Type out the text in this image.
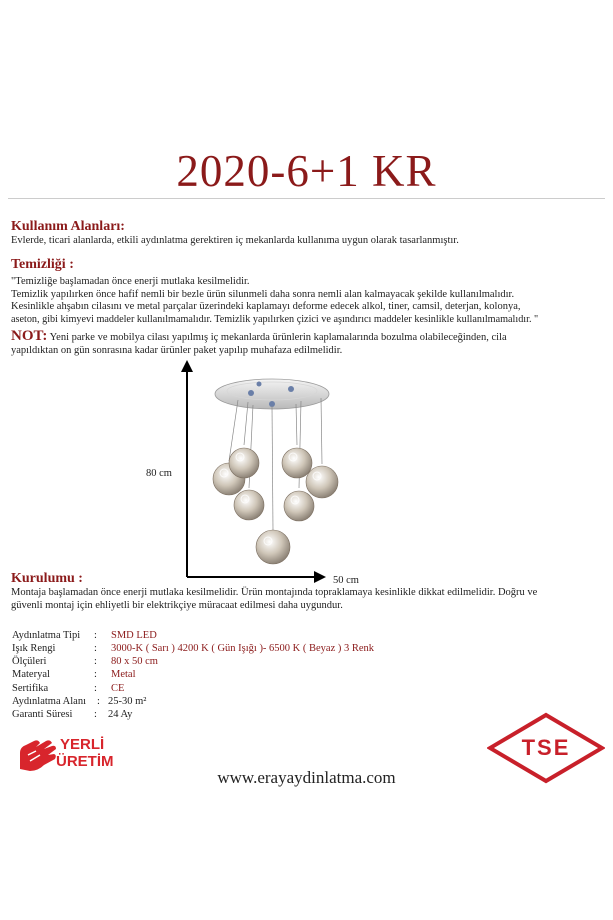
2020-6+1 KR
Kullanım Alanları:
Evlerde, ticari alanlarda, etkili aydınlatma gerektiren iç mekanlarda kullanıma uygun olarak tasarlanmıştır.
Temizliği :
"Temizliğe başlamadan önce enerji mutlaka kesilmelidir.
Temizlik yapılırken önce hafif nemli bir bezle ürün silunmeli daha sonra nemli alan kalmayacak şekilde kullanılmalıdır.
Kesinlikle ahşabın cilasını ve metal parçalar üzerindeki kaplamayı deforme edecek alkol, tiner, camsil, deterjan, kolonya,
aseton, gibi kimyevi maddeler kullanılmamalıdır. Temizlik yapılırken çizici ve aşındırıcı maddeler kesinlikle kullanılmamalıdır. "
NOT: Yeni parke ve mobilya cilası yapılmış iç mekanlarda ürünlerin kaplamalarında bozulma olabileceğinden, cila
yapıldıktan on gün sonrasına kadar ürünler paket yapılıp muhafaza edilmelidir.
80 cm
50 cm
Kurulumu :
Montaja başlamadan önce enerji mutlaka kesilmelidir. Ürün montajında topraklamaya kesinlikle dikkat edilmelidir. Doğru ve
güvenli montaj için ehliyetli bir elektrikçiye müracaat edilmesi daha uygundur.
Aydınlatma Tipi : SMD LED
Işık Rengi	: 3000-K ( Sarı ) 4200 K ( Gün Işığı )- 6500 K ( Beyaz ) 3 Renk
Ölçüleri	: 80 x 50 cm
Materyal	: Metal
Sertifika	: CE
Aydınlatma Alanı : 25-30 m²
Garanti Süresi : 24 Ay
YERLİ
ÜRETİM
www.erayaydinlatma.com
TSE
